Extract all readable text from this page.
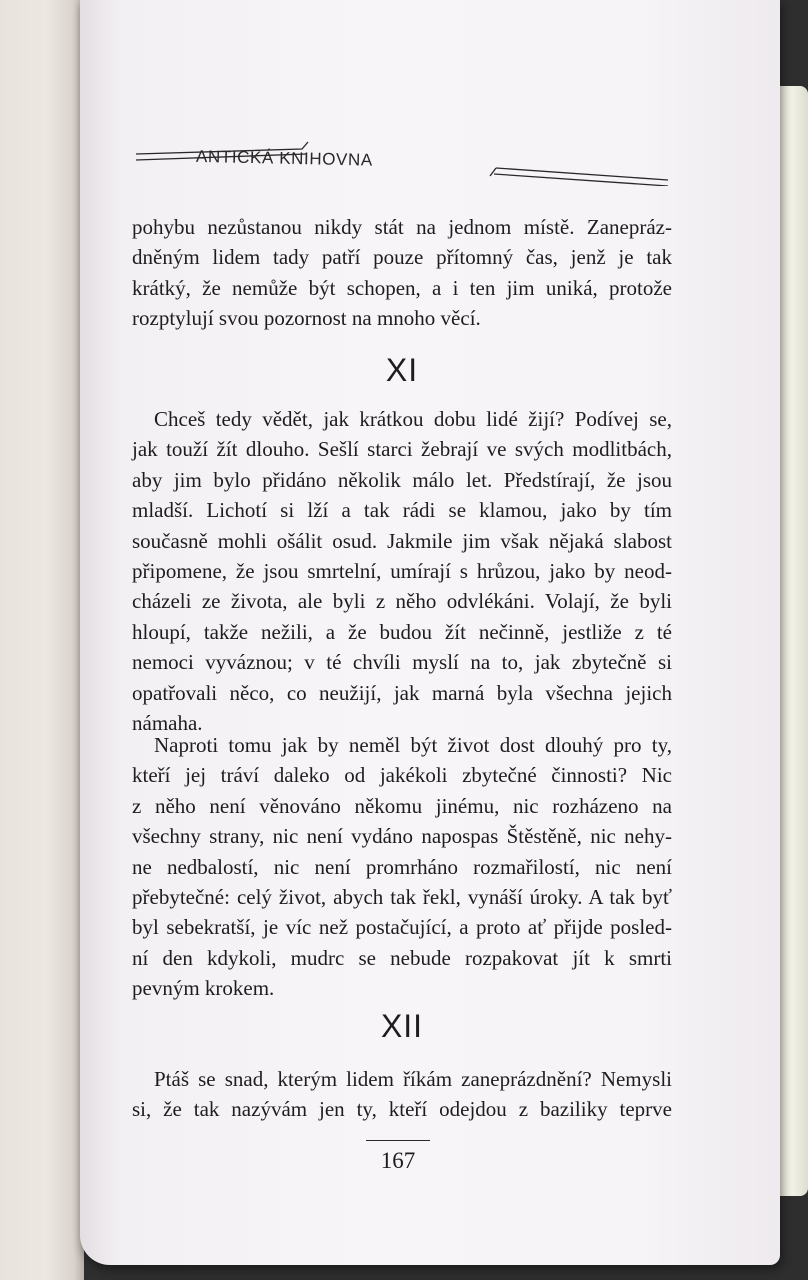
ANTICKÁ KNIHOVNA
pohybu nezůstanou nikdy stát na jednom místě. Zanepráz-
dněným lidem tady patří pouze přítomný čas, jenž je tak
krátký, že nemůže být schopen, a i ten jim uniká, protože
rozptylují svou pozornost na mnoho věcí.
XI
Chceš tedy vědět, jak krátkou dobu lidé žijí? Podívej se,
jak touží žít dlouho. Sešlí starci žebrají ve svých modlitbách,
aby jim bylo přidáno několik málo let. Předstírají, že jsou
mladší. Lichotí si lží a tak rádi se klamou, jako by tím
současně mohli ošálit osud. Jakmile jim však nějaká slabost
připomene, že jsou smrtelní, umírají s hrůzou, jako by neod-
cházeli ze života, ale byli z něho odvlékáni. Volají, že byli
hloupí, takže nežili, a že budou žít nečinně, jestliže z té
nemoci vyváznou; v té chvíli myslí na to, jak zbytečně si
opatřovali něco, co neužijí, jak marná byla všechna jejich
námaha.
Naproti tomu jak by neměl být život dost dlouhý pro ty,
kteří jej tráví daleko od jakékoli zbytečné činnosti? Nic
z něho není věnováno někomu jinému, nic rozházeno na
všechny strany, nic není vydáno napospas Štěstěně, nic nehy-
ne nedbalostí, nic není promrháno rozmařilostí, nic není
přebytečné: celý život, abych tak řekl, vynáší úroky. A tak byť
byl sebekratší, je víc než postačující, a proto ať přijde posled-
ní den kdykoli, mudrc se nebude rozpakovat jít k smrti
pevným krokem.
XII
Ptáš se snad, kterým lidem říkám zaneprázdnění? Nemysli
si, že tak nazývám jen ty, kteří odejdou z baziliky teprve
167
